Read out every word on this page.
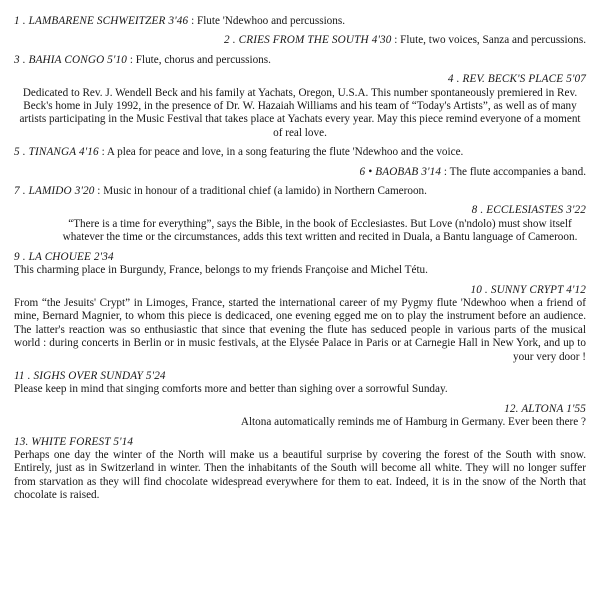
1 . LAMBARENE SCHWEITZER 3'46 : Flute 'Ndewhoo and percussions.

2 . CRIES FROM THE SOUTH 4'30 : Flute, two voices, Sanza and percussions.

3 . BAHIA CONGO 5'10 : Flute, chorus and percussions.

4 . REV. BECK'S PLACE 5'07

Dedicated to Rev. J. Wendell Beck and his family at Yachats, Oregon, U.S.A. This number spontaneously premiered in Rev. Beck's home in July 1992, in the presence of Dr. W. Hazaiah Williams and his team of “Today's Artists”, as well as of many artists participating in the Music Festival that takes place at Yachats every year. May this piece remind everyone of a moment of real love.

5 . TINANGA 4'16 : A plea for peace and love, in a song featuring the flute 'Ndewhoo and the voice.

6 • BAOBAB 3'14 : The flute accompanies a band.

7 . LAMIDO 3'20 : Music in honour of a traditional chief (a lamido) in Northern Cameroon.

8 . ECCLESIASTES 3'22

“There is a time for everything”, says the Bible, in the book of Ecclesiastes. But Love (n'ndolo) must show itself whatever the time or the circumstances, adds this text written and recited in Duala, a Bantu language of Cameroon.

9 . LA CHOUEE 2'34

This charming place in Burgundy, France, belongs to my friends Françoise and Michel Tétu.

10 . SUNNY CRYPT 4'12

From “the Jesuits' Crypt” in Limoges, France, started the international career of my Pygmy flute 'Ndewhoo when a friend of mine, Bernard Magnier, to whom this piece is dedicaced, one evening egged me on to play the instrument before an audience. The latter's reaction was so enthusiastic that since that evening the flute has seduced people in various parts of the musical world : during concerts in Berlin or in music festivals, at the Elysée Palace in Paris or at Carnegie Hall in New York, and up to your very door !

11 . SIGHS OVER SUNDAY 5'24

Please keep in mind that singing comforts more and better than sighing over a sorrowful Sunday.

12. ALTONA 1'55

Altona automatically reminds me of Hamburg in Germany. Ever been there ?

13. WHITE FOREST 5'14

Perhaps one day the winter of the North will make us a beautiful surprise by covering the forest of the South with snow. Entirely, just as in Switzerland in winter. Then the inhabitants of the South will become all white. They will no longer suffer from starvation as they will find chocolate widespread everywhere for them to eat. Indeed, it is in the snow of the North that chocolate is raised.
